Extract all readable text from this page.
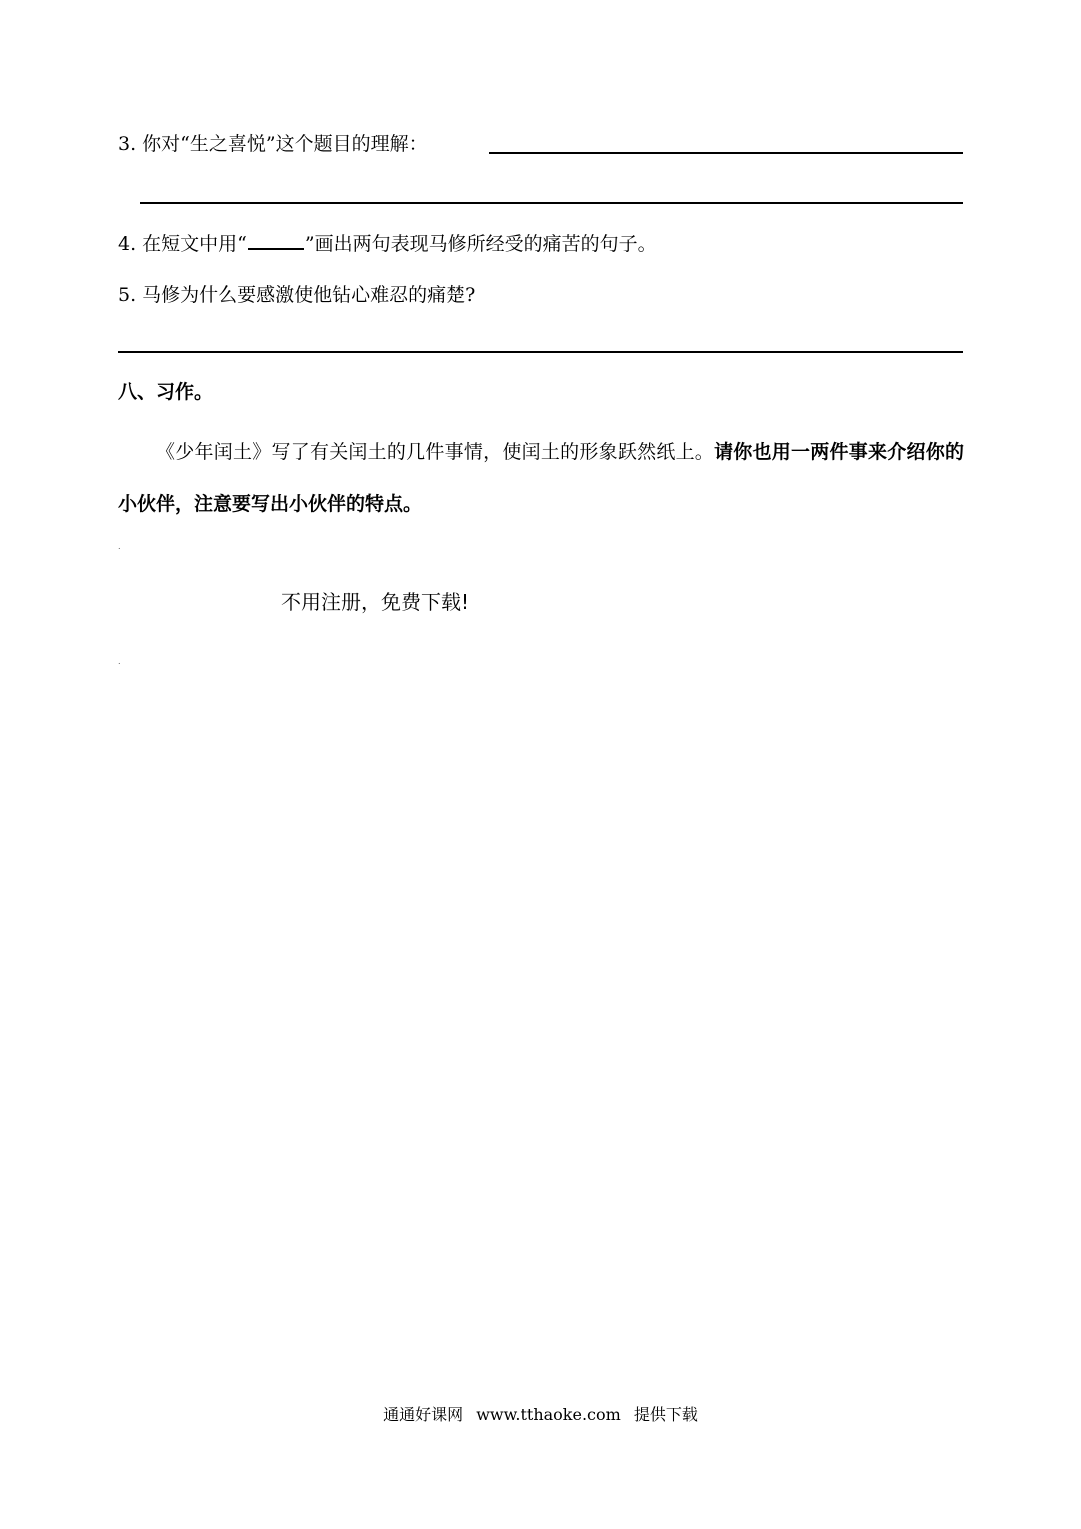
3. 你对“生之喜悦”这个题目的理解：
4. 在短文中用“	”画出两句表现马修所经受的痛苦的句子。
5. 马修为什么要感激使他钻心难忍的痛楚?
八、习作。
《少年闰土》写了有关闰土的几件事情，使闰土的形象跃然纸上。请你也用一两件事来介绍你的小伙伴，注意要写出小伙伴的特点。
.
不用注册，免费下载!
.
通通好课网 www.tthaoke.com 提供下载
